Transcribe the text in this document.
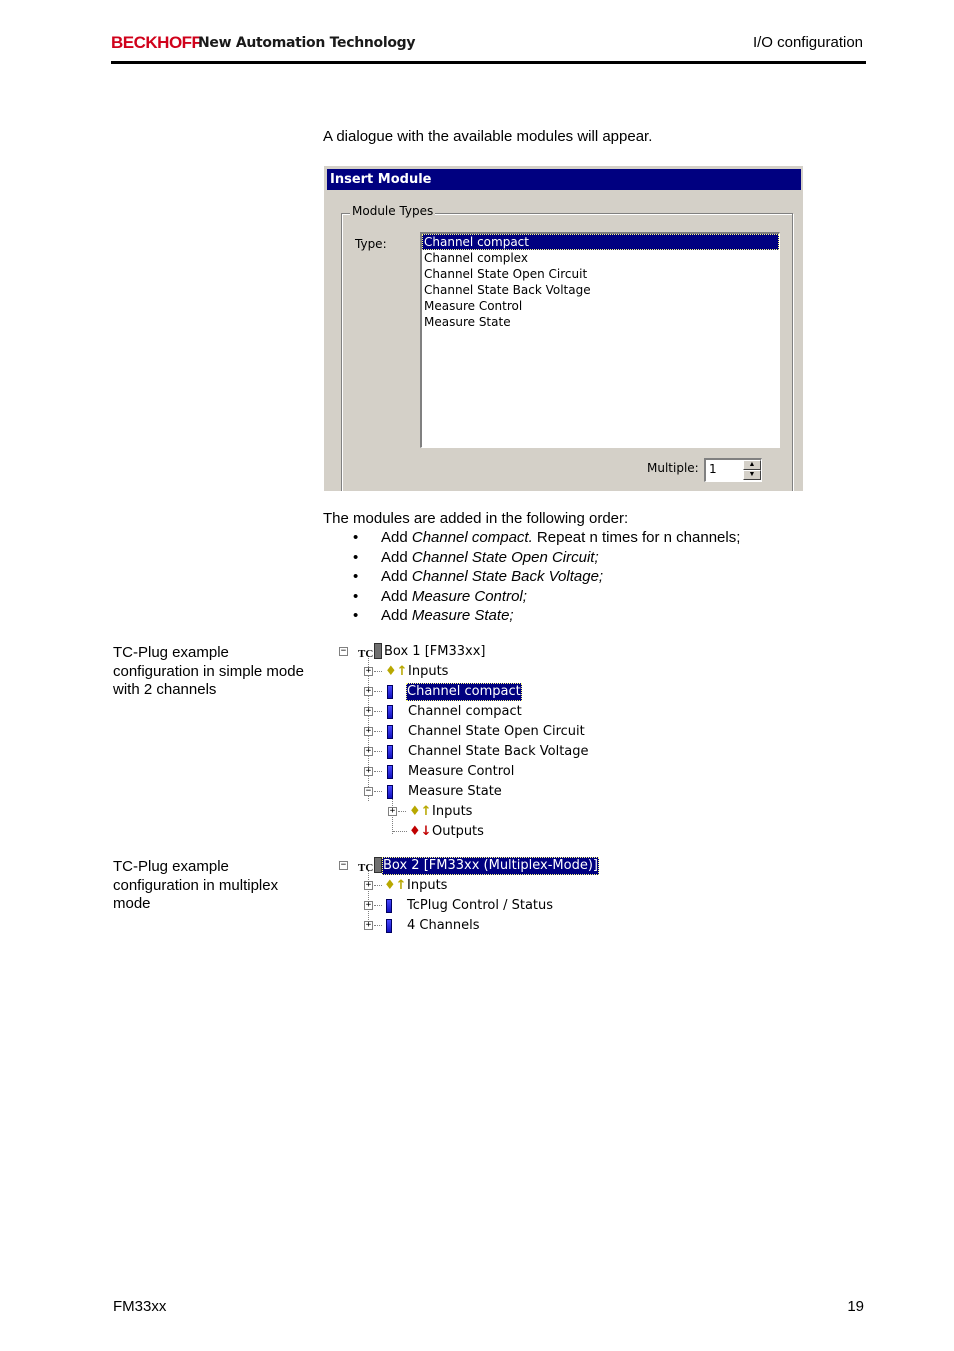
BECKHOFF
New Automation Technology	I/O configuration
A dialogue with the available modules will appear.
Insert Module
Module Types
Type:	Channel compact
Channel complex
Channel State Open Circuit
Channel State Back Voltage
Measure Control
Measure State
Multiple: 1	▲
▼
The modules are added in the following order:
• Add Channel compact. Repeat n times for n channels;
• Add Channel State Open Circuit;
• Add Channel State Back Voltage;
• Add Measure Control;
• Add Measure State;
TC-Plug example configuration in simple mode with 2 channels
− TC Box 1 [FM33xx]
+ ♦↑ Inputs
+	Channel compact
+	Channel compact
+	Channel State Open Circuit
+	Channel State Back Voltage
+	Measure Control
−	Measure State
+ ♦↑ Inputs
♦↓ Outputs
TC-Plug example configuration in multiplex mode
− TC Box 2 [FM33xx (Multiplex-Mode)]
+ ♦↑ Inputs
+	TcPlug Control / Status
+	4 Channels
FM33xx	19
